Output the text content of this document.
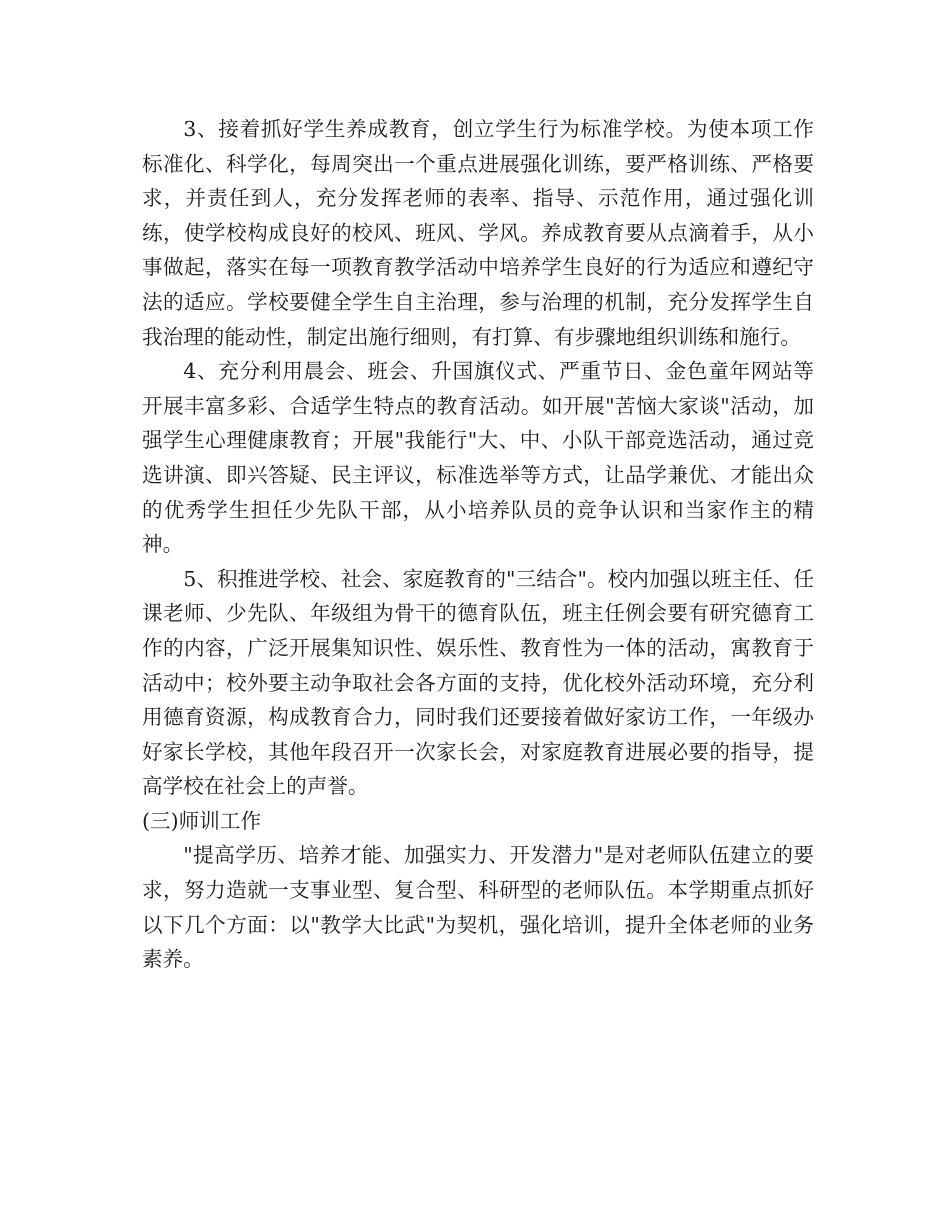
3、接着抓好学生养成教育，创立学生行为标准学校。为使本项工作标准化、科学化，每周突出一个重点进展强化训练，要严格训练、严格要求，并责任到人，充分发挥老师的表率、指导、示范作用，通过强化训练，使学校构成良好的校风、班风、学风。养成教育要从点滴着手，从小事做起，落实在每一项教育教学活动中培养学生良好的行为适应和遵纪守法的适应。学校要健全学生自主治理，参与治理的机制，充分发挥学生自我治理的能动性，制定出施行细则，有打算、有步骤地组织训练和施行。

4、充分利用晨会、班会、升国旗仪式、严重节日、金色童年网站等开展丰富多彩、合适学生特点的教育活动。如开展"苦恼大家谈"活动，加强学生心理健康教育；开展"我能行"大、中、小队干部竞选活动，通过竞选讲演、即兴答疑、民主评议，标准选举等方式，让品学兼优、才能出众的优秀学生担任少先队干部，从小培养队员的竞争认识和当家作主的精神。

5、积推进学校、社会、家庭教育的"三结合"。校内加强以班主任、任课老师、少先队、年级组为骨干的德育队伍，班主任例会要有研究德育工作的内容，广泛开展集知识性、娱乐性、教育性为一体的活动，寓教育于活动中；校外要主动争取社会各方面的支持，优化校外活动环境，充分利用德育资源，构成教育合力，同时我们还要接着做好家访工作，一年级办好家长学校，其他年段召开一次家长会，对家庭教育进展必要的指导，提高学校在社会上的声誉。

(三)师训工作

"提高学历、培养才能、加强实力、开发潜力"是对老师队伍建立的要求，努力造就一支事业型、复合型、科研型的老师队伍。本学期重点抓好以下几个方面：以"教学大比武"为契机，强化培训，提升全体老师的业务素养。
